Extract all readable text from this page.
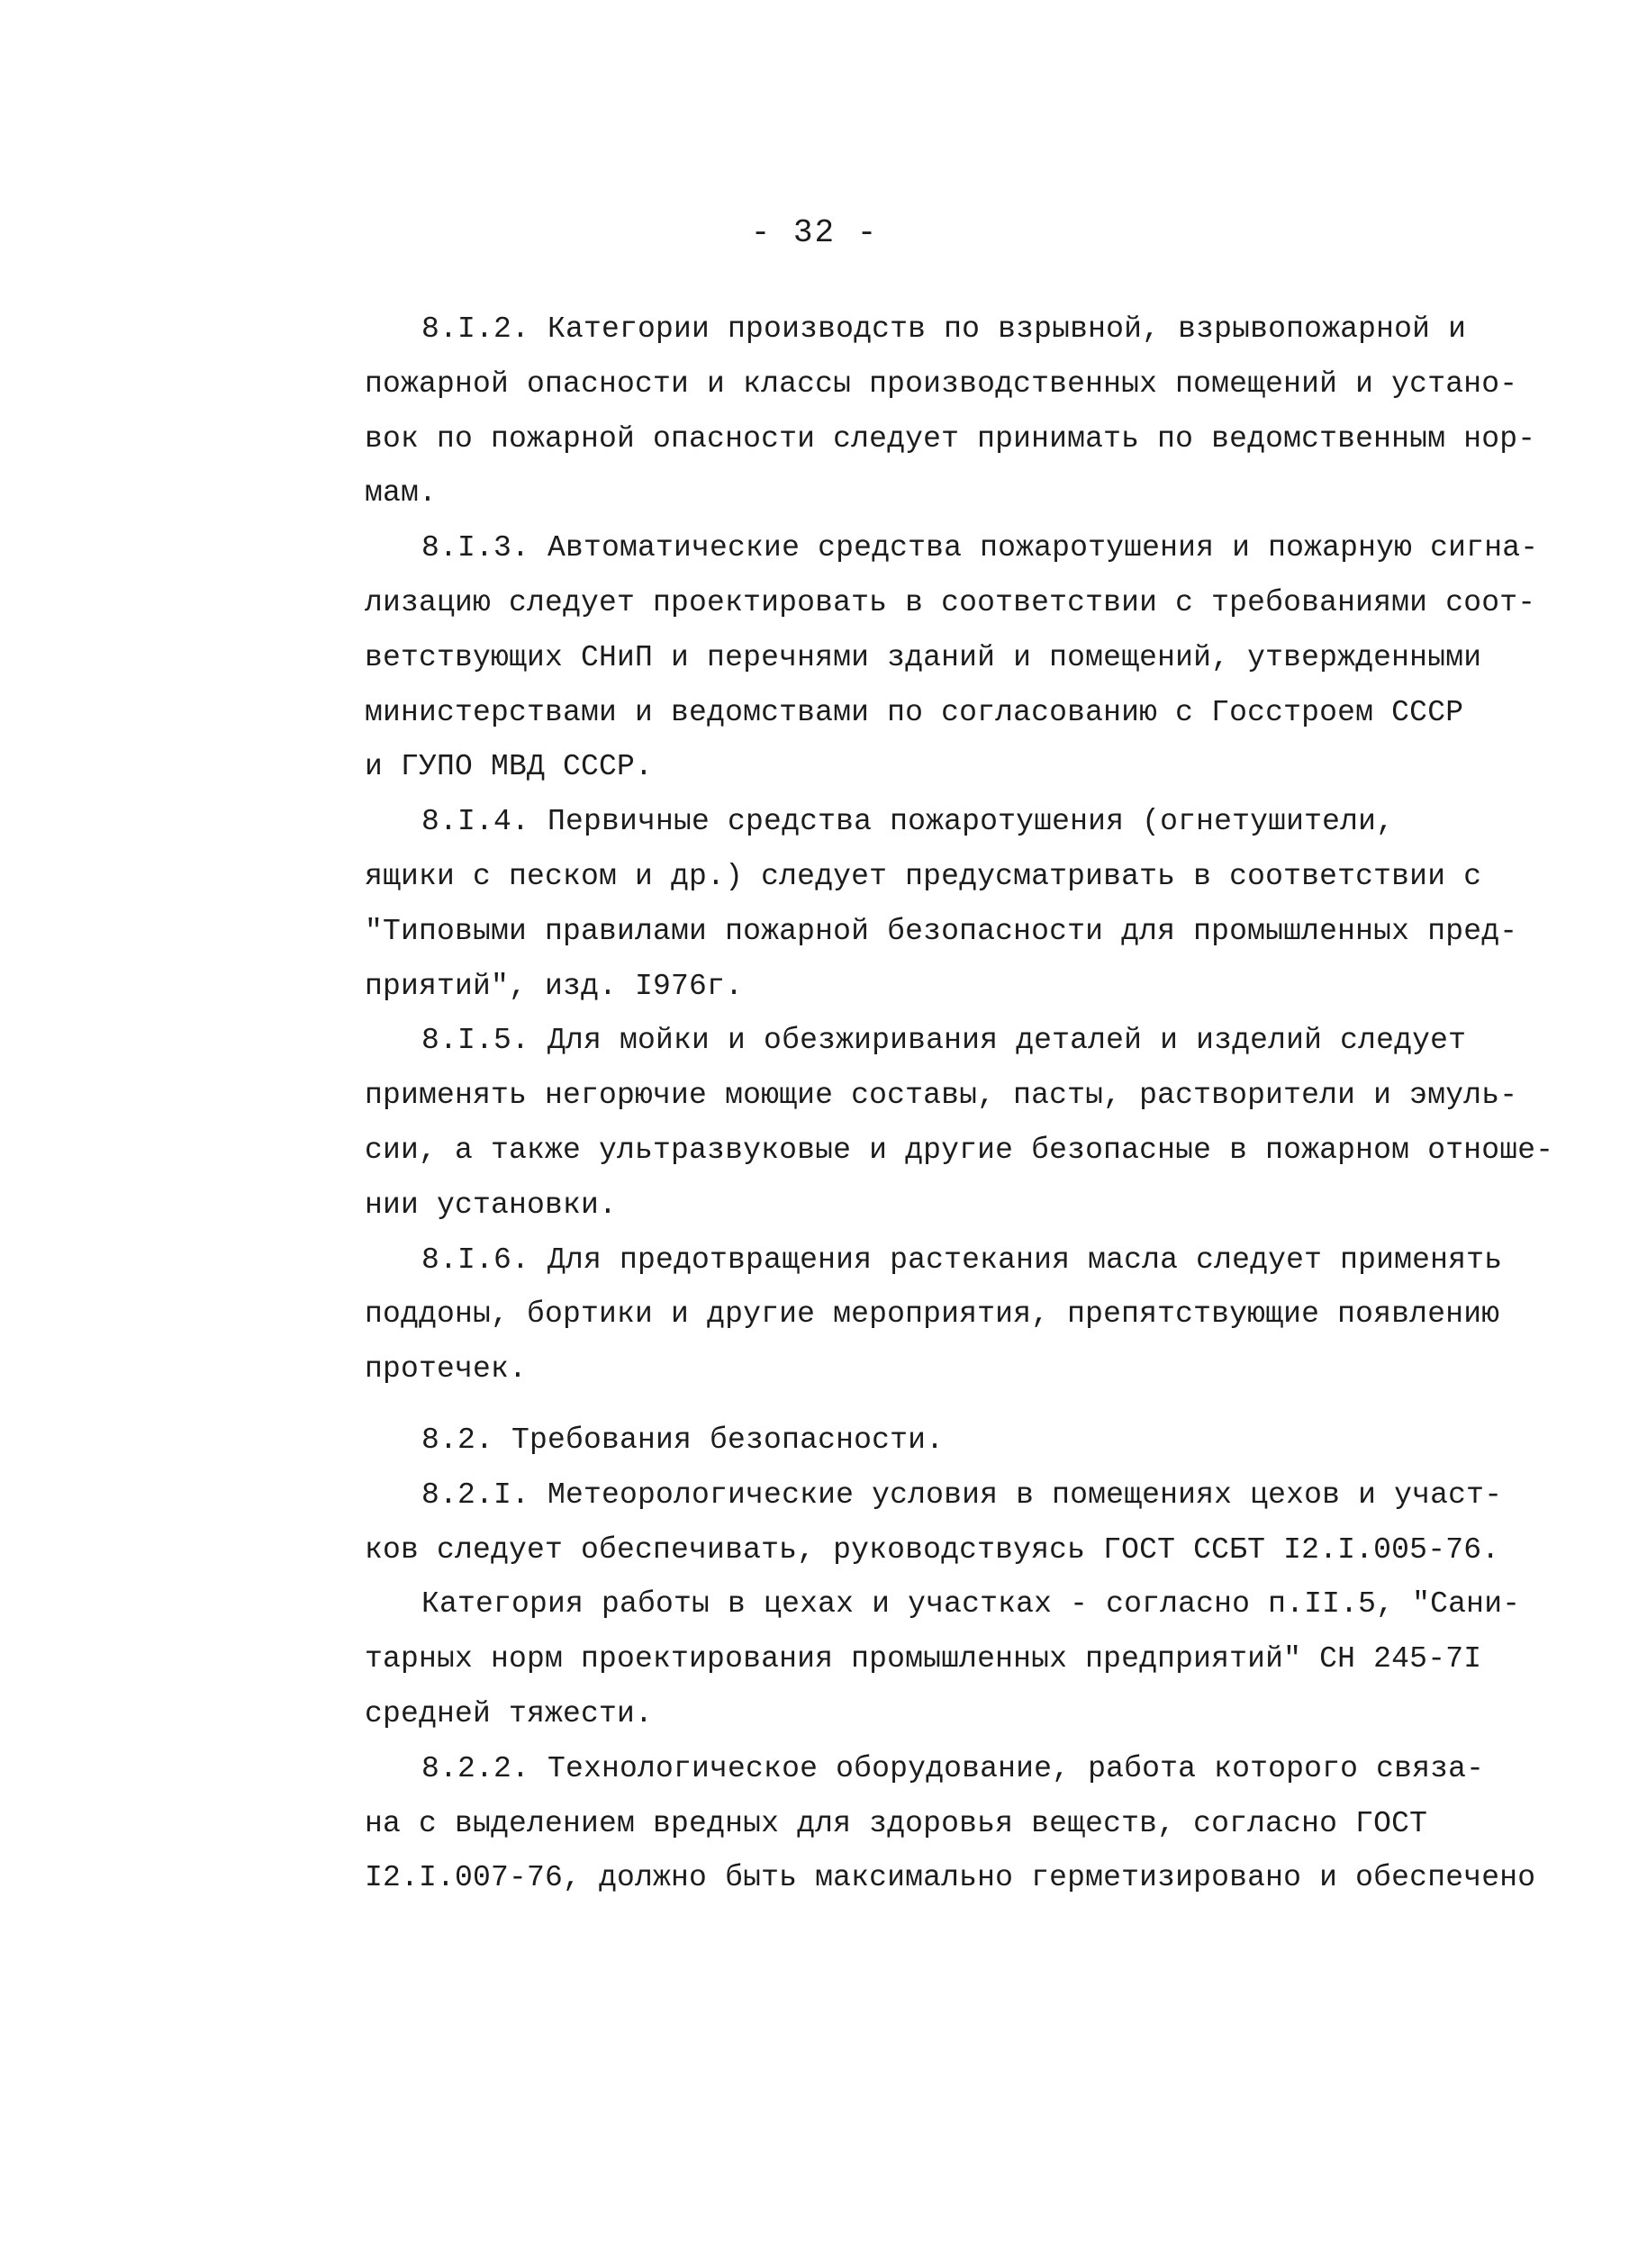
- 32 -
8.I.2. Категории производств по взрывной, взрывопожарной и
пожарной опасности и классы производственных помещений и устано-
вок по пожарной опасности следует принимать по ведомственным нор-
мам.
8.I.3. Автоматические средства пожаротушения и пожарную сигна-
лизацию следует проектировать в соответствии с требованиями соот-
ветствующих СНиП и перечнями зданий и помещений, утвержденными
министерствами и ведомствами по согласованию с Госстроем СССР
и ГУПО МВД СССР.
8.I.4. Первичные средства пожаротушения (огнетушители,
ящики с песком и др.) следует предусматривать в соответствии с
"Типовыми правилами пожарной безопасности для промышленных пред-
приятий", изд. I976г.
8.I.5. Для мойки и обезжиривания деталей и изделий следует
применять негорючие моющие составы, пасты, растворители и эмуль-
сии, а также ультразвуковые и другие безопасные в пожарном отноше-
нии установки.
8.I.6. Для предотвращения растекания масла следует применять
поддоны, бортики и другие мероприятия, препятствующие появлению
протечек.
8.2. Требования безопасности.
8.2.I. Метеорологические условия в помещениях цехов и участ-
ков следует обеспечивать, руководствуясь ГОСТ ССБТ I2.I.005-76.
Категория работы в цехах и участках - согласно п.II.5, "Сани-
тарных норм проектирования промышленных предприятий" СН 245-7I
средней тяжести.
8.2.2. Технологическое оборудование, работа которого связа-
на с выделением вредных для здоровья веществ, согласно ГОСТ
I2.I.007-76, должно быть максимально герметизировано и обеспечено
